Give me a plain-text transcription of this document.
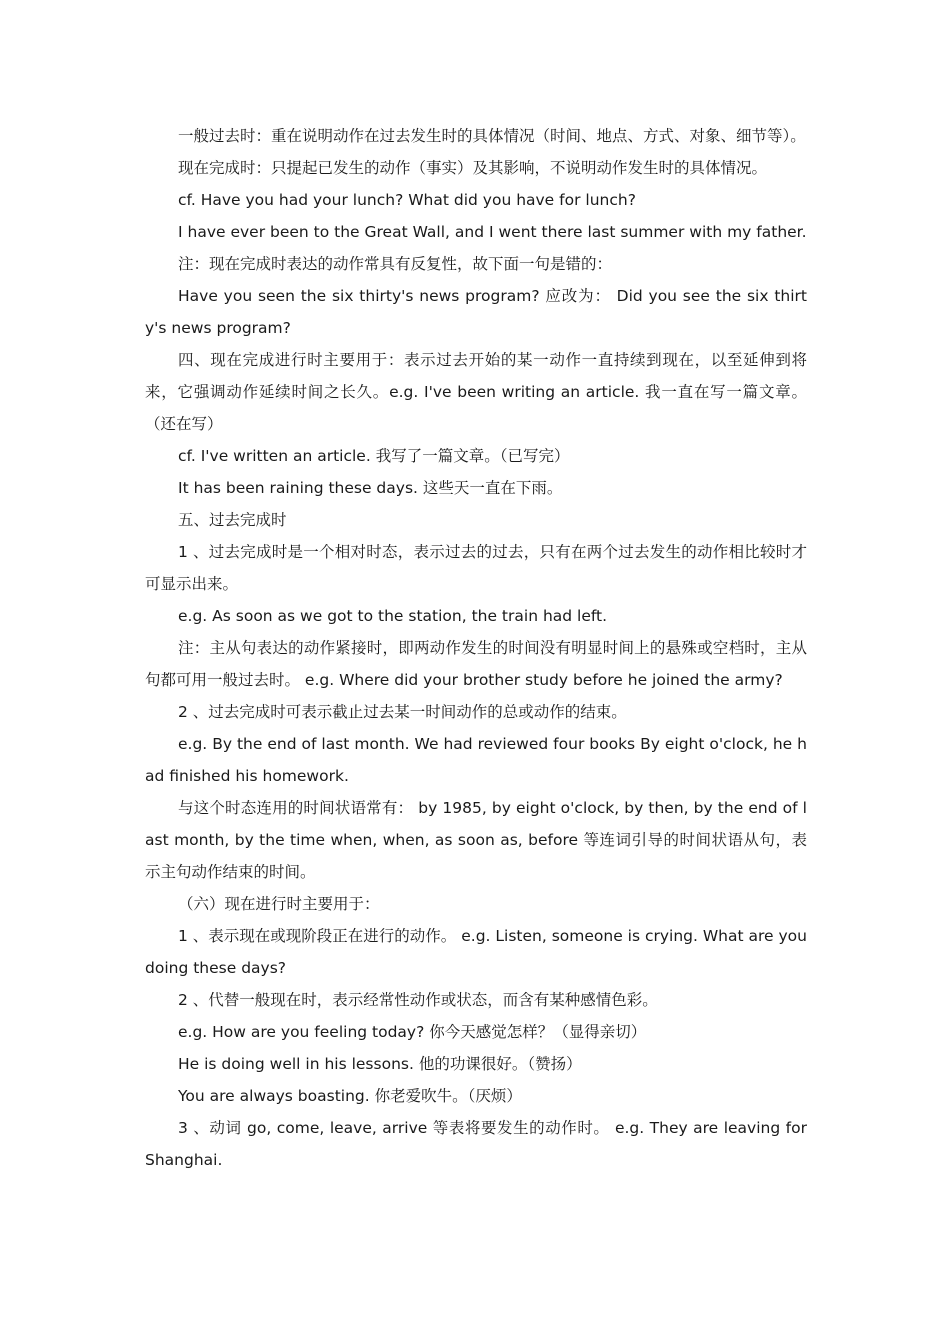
一般过去时：重在说明动作在过去发生时的具体情况（时间、地点、方式、对象、细节等）。

现在完成时：只提起已发生的动作（事实）及其影响，不说明动作发生时的具体情况。

cf. Have you had your lunch? What did you have for lunch?

I have ever been to the Great Wall, and I went there last summer with my father.

注：现在完成时表达的动作常具有反复性，故下面一句是错的：

Have you seen the six thirty's news program? 应改为： Did you see the six thirty's news program?

四、现在完成进行时主要用于：表示过去开始的某一动作一直持续到现在，以至延伸到将来，它强调动作延续时间之长久。e.g. I've been writing an article. 我一直在写一篇文章。（还在写）

cf. I've written an article. 我写了一篇文章。（已写完）

It has been raining these days. 这些天一直在下雨。

五、过去完成时

1 、过去完成时是一个相对时态，表示过去的过去，只有在两个过去发生的动作相比较时才可显示出来。

e.g. As soon as we got to the station, the train had left.

注：主从句表达的动作紧接时，即两动作发生的时间没有明显时间上的悬殊或空档时，主从句都可用一般过去时。 e.g. Where did your brother study before he joined the army?

2 、过去完成时可表示截止过去某一时间动作的总或动作的结束。

e.g. By the end of last month. We had reviewed four books By eight o'clock, he had finished his homework.

与这个时态连用的时间状语常有： by 1985, by eight o'clock, by then, by the end of last month, by the time when, when, as soon as, before 等连词引导的时间状语从句，表示主句动作结束的时间。

（六）现在进行时主要用于：

1 、表示现在或现阶段正在进行的动作。 e.g. Listen, someone is crying. What are you doing these days?

2 、代替一般现在时，表示经常性动作或状态，而含有某种感情色彩。

e.g. How are you feeling today? 你今天感觉怎样？（显得亲切）

He is doing well in his lessons. 他的功课很好。（赞扬）

You are always boasting. 你老爱吹牛。（厌烦）

3 、动词 go, come, leave, arrive 等表将要发生的动作时。 e.g. They are leaving for Shanghai.
